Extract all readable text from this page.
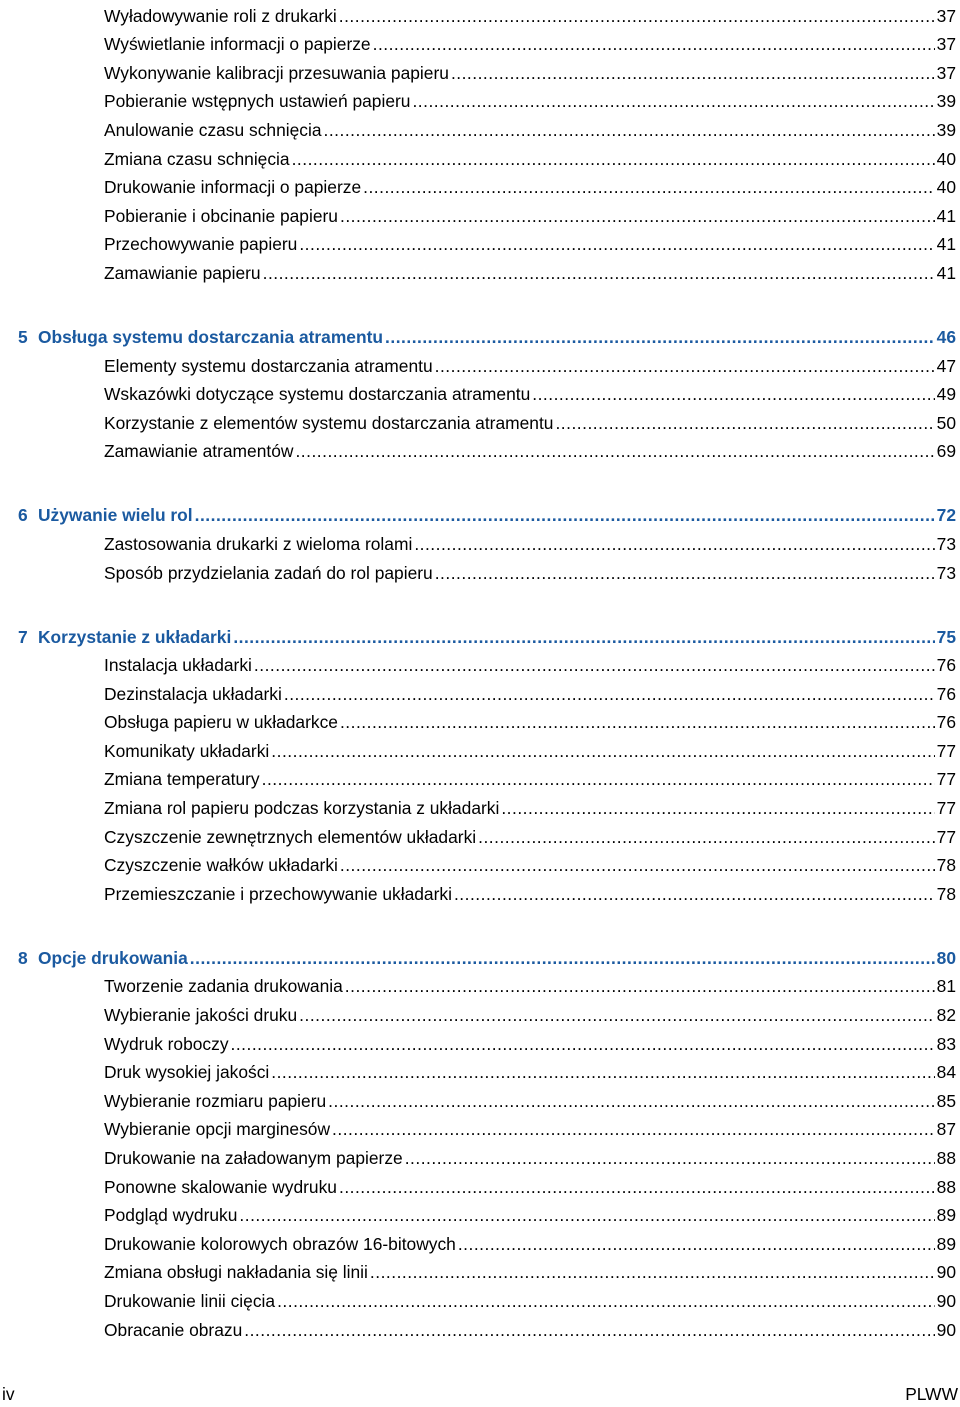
Wyładowywanie roli z drukarki .....	37
Wyświetlanie informacji o papierze .....	37
Wykonywanie kalibracji przesuwania papieru .....	37
Pobieranie wstępnych ustawień papieru .....	39
Anulowanie czasu schnięcia .....	39
Zmiana czasu schnięcia .....	40
Drukowanie informacji o papierze .....	40
Pobieranie i obcinanie papieru .....	41
Przechowywanie papieru .....	41
Zamawianie papieru .....	41
5 Obsługa systemu dostarczania atramentu .....	46
Elementy systemu dostarczania atramentu .....	47
Wskazówki dotyczące systemu dostarczania atramentu .....	49
Korzystanie z elementów systemu dostarczania atramentu .....	50
Zamawianie atramentów .....	69
6 Używanie wielu rol .....	72
Zastosowania drukarki z wieloma rolami .....	73
Sposób przydzielania zadań do rol papieru .....	73
7 Korzystanie z układarki .....	75
Instalacja układarki .....	76
Dezinstalacja układarki .....	76
Obsługa papieru w układarkce .....	76
Komunikaty układarki .....	77
Zmiana temperatury .....	77
Zmiana rol papieru podczas korzystania z układarki .....	77
Czyszczenie zewnętrznych elementów układarki .....	77
Czyszczenie wałków układarki .....	78
Przemieszczanie i przechowywanie układarki .....	78
8 Opcje drukowania .....	80
Tworzenie zadania drukowania .....	81
Wybieranie jakości druku .....	82
Wydruk roboczy .....	83
Druk wysokiej jakości .....	84
Wybieranie rozmiaru papieru .....	85
Wybieranie opcji marginesów .....	87
Drukowanie na załadowanym papierze .....	88
Ponowne skalowanie wydruku .....	88
Podgląd wydruku .....	89
Drukowanie kolorowych obrazów 16-bitowych .....	89
Zmiana obsługi nakładania się linii .....	90
Drukowanie linii cięcia .....	90
Obracanie obrazu .....	90
iv	PLWW
